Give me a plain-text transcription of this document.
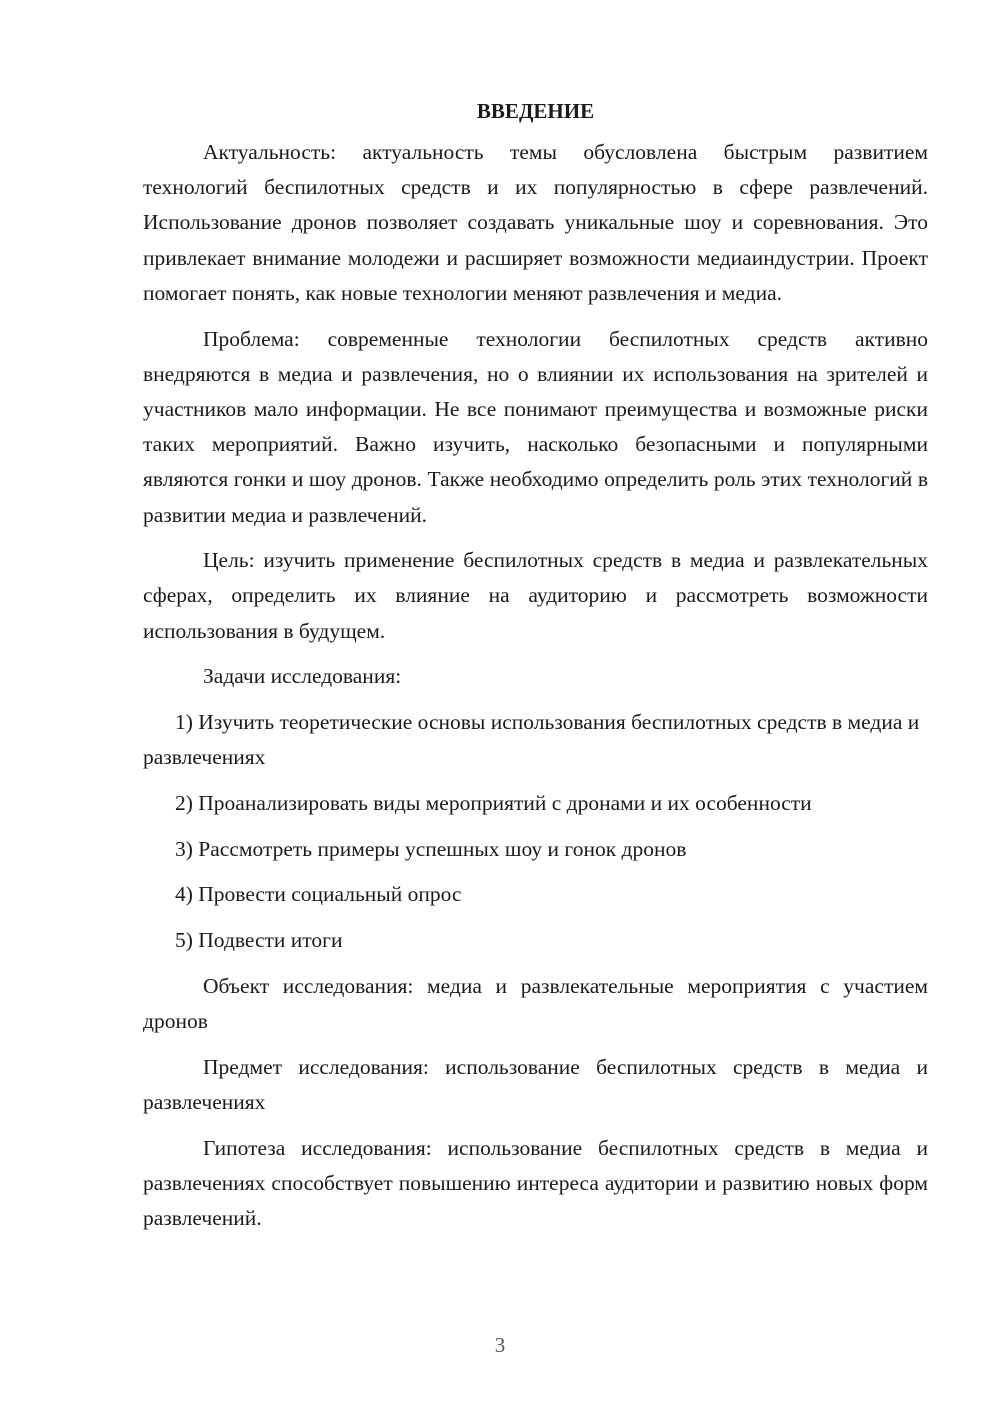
ВВЕДЕНИЕ

Актуальность: актуальность темы обусловлена быстрым развитием технологий беспилотных средств и их популярностью в сфере развлечений. Использование дронов позволяет создавать уникальные шоу и соревнования. Это привлекает внимание молодежи и расширяет возможности медиаиндустрии. Проект помогает понять, как новые технологии меняют развлечения и медиа.

Проблема: современные технологии беспилотных средств активно внедряются в медиа и развлечения, но о влиянии их использования на зрителей и участников мало информации. Не все понимают преимущества и возможные риски таких мероприятий. Важно изучить, насколько безопасными и популярными являются гонки и шоу дронов. Также необходимо определить роль этих технологий в развитии медиа и развлечений.

Цель: изучить применение беспилотных средств в медиа и развлекательных сферах, определить их влияние на аудиторию и рассмотреть возможности использования в будущем.

Задачи исследования:

1) Изучить теоретические основы использования беспилотных средств в медиа и развлечениях

2) Проанализировать виды мероприятий с дронами и их особенности

3) Рассмотреть примеры успешных шоу и гонок дронов

4) Провести социальный опрос

5) Подвести итоги

Объект исследования: медиа и развлекательные мероприятия с участием дронов

Предмет исследования: использование беспилотных средств в медиа и развлечениях

Гипотеза исследования: использование беспилотных средств в медиа и развлечениях способствует повышению интереса аудитории и развитию новых форм развлечений.

3
